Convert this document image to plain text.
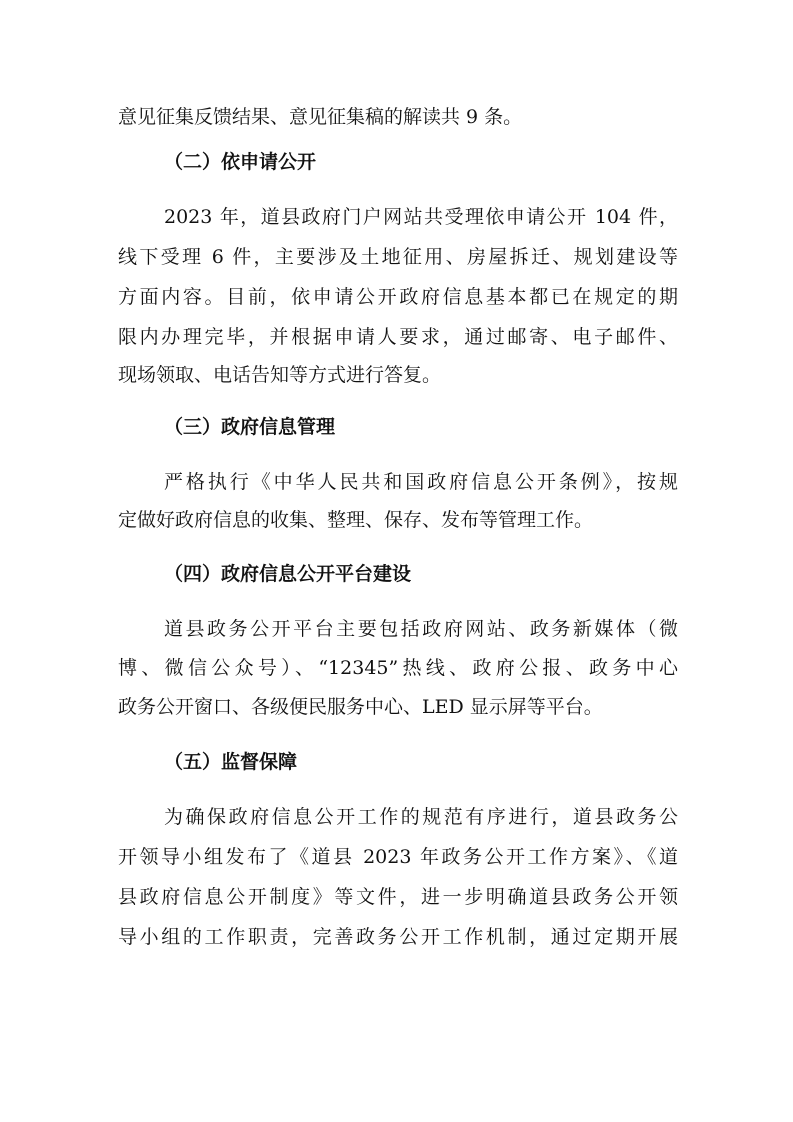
意见征集反馈结果、意见征集稿的解读共 9 条。
（二）依申请公开
2023 年，道县政府门户网站共受理依申请公开 104 件，
线下受理 6 件，主要涉及土地征用、房屋拆迁、规划建设等
方面内容。目前，依申请公开政府信息基本都已在规定的期
限内办理完毕，并根据申请人要求，通过邮寄、电子邮件、
现场领取、电话告知等方式进行答复。
（三）政府信息管理
严格执行《中华人民共和国政府信息公开条例》，按规
定做好政府信息的收集、整理、保存、发布等管理工作。
（四）政府信息公开平台建设
道县政务公开平台主要包括政府网站、政务新媒体（微
博、微信公众号）、“12345”热线、政府公报、政务中心
政务公开窗口、各级便民服务中心、LED 显示屏等平台。
（五）监督保障
为确保政府信息公开工作的规范有序进行，道县政务公
开领导小组发布了《道县 2023 年政务公开工作方案》、《道
县政府信息公开制度》等文件，进一步明确道县政务公开领
导小组的工作职责，完善政务公开工作机制，通过定期开展
